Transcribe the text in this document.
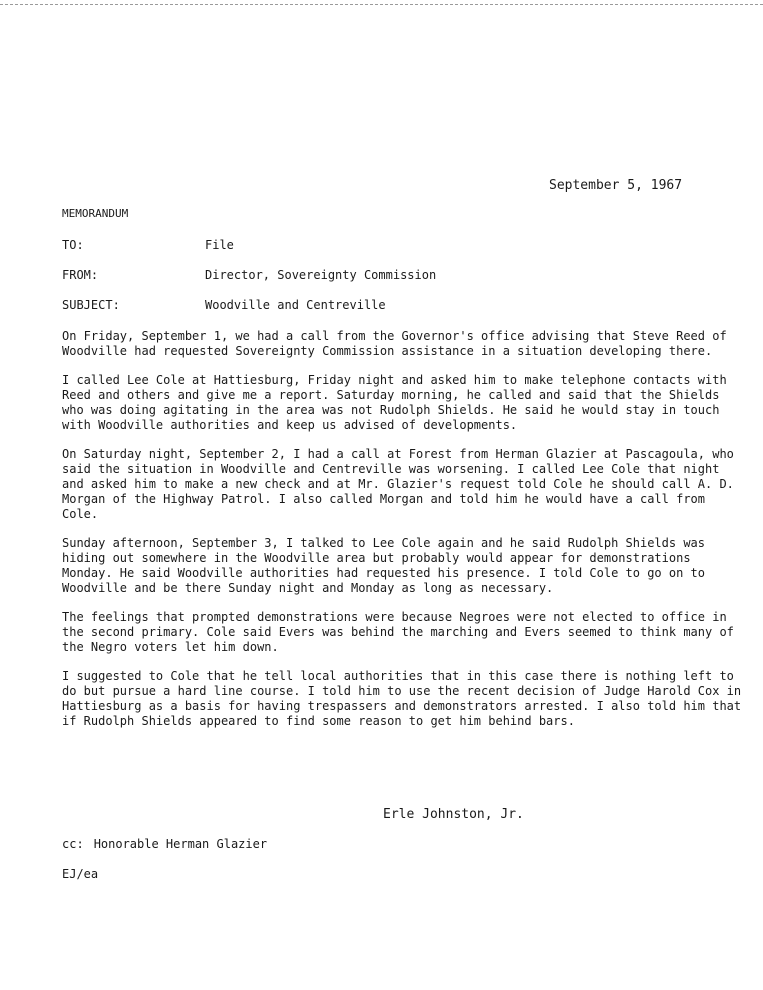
September 5, 1967
MEMORANDUM
TO:	File
FROM:	Director, Sovereignty Commission
SUBJECT:	Woodville and Centreville

On Friday, September 1, we had a call from the Governor's office advising that Steve Reed of Woodville had requested Sovereignty Commission assistance in a situation developing there.

I called Lee Cole at Hattiesburg, Friday night and asked him to make telephone contacts with Reed and others and give me a report. Saturday morning, he called and said that the Shields who was doing agitating in the area was not Rudolph Shields. He said he would stay in touch with Woodville authorities and keep us advised of developments.

On Saturday night, September 2, I had a call at Forest from Herman Glazier at Pascagoula, who said the situation in Woodville and Centreville was worsening. I called Lee Cole that night and asked him to make a new check and at Mr. Glazier's request told Cole he should call A. D. Morgan of the Highway Patrol. I also called Morgan and told him he would have a call from Cole.

Sunday afternoon, September 3, I talked to Lee Cole again and he said Rudolph Shields was hiding out somewhere in the Woodville area but probably would appear for demonstrations Monday. He said Woodville authorities had requested his presence. I told Cole to go on to Woodville and be there Sunday night and Monday as long as necessary.

The feelings that prompted demonstrations were because Negroes were not elected to office in the second primary. Cole said Evers was behind the marching and Evers seemed to think many of the Negro voters let him down.

I suggested to Cole that he tell local authorities that in this case there is nothing left to do but pursue a hard line course. I told him to use the recent decision of Judge Harold Cox in Hattiesburg as a basis for having trespassers and demonstrators arrested. I also told him that if Rudolph Shields appeared to find some reason to get him behind bars.

Erle Johnston, Jr.
cc: Honorable Herman Glazier
EJ/ea
